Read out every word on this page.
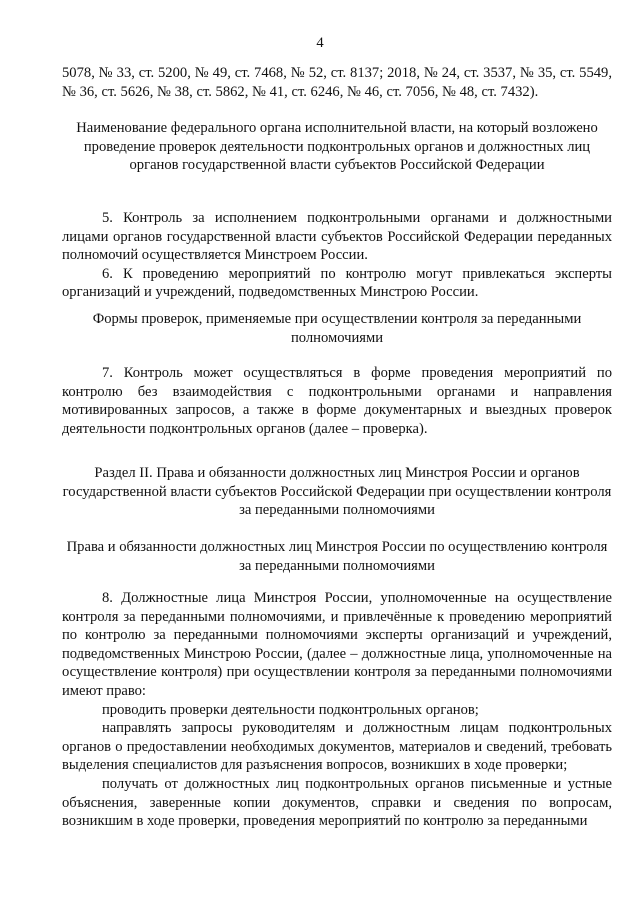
4

5078, № 33, ст. 5200, № 49, ст. 7468, № 52, ст. 8137; 2018, № 24, ст. 3537, № 35, ст. 5549, № 36, ст. 5626, № 38, ст. 5862, № 41, ст. 6246, № 46, ст. 7056, № 48, ст. 7432).

Наименование федерального органа исполнительной власти, на который возложено проведение проверок деятельности подконтрольных органов и должностных лиц органов государственной власти субъектов Российской Федерации

5. Контроль за исполнением подконтрольными органами и должностными лицами органов государственной власти субъектов Российской Федерации переданных полномочий осуществляется Минстроем России.

6. К проведению мероприятий по контролю могут привлекаться эксперты организаций и учреждений, подведомственных Минстрою России.

Формы проверок, применяемые при осуществлении контроля за переданными полномочиями

7. Контроль может осуществляться в форме проведения мероприятий по контролю без взаимодействия с подконтрольными органами и направления мотивированных запросов, а также в форме документарных и выездных проверок деятельности подконтрольных органов (далее – проверка).

Раздел II. Права и обязанности должностных лиц Минстроя России и органов государственной власти субъектов Российской Федерации при осуществлении контроля за переданными полномочиями

Права и обязанности должностных лиц Минстроя России по осуществлению контроля за переданными полномочиями

8. Должностные лица Минстроя России, уполномоченные на осуществление контроля за переданными полномочиями, и привлечённые к проведению мероприятий по контролю за переданными полномочиями эксперты организаций и учреждений, подведомственных Минстрою России, (далее – должностные лица, уполномоченные на осуществление контроля) при осуществлении контроля за переданными полномочиями имеют право:

проводить проверки деятельности подконтрольных органов;

направлять запросы руководителям и должностным лицам подконтрольных органов о предоставлении необходимых документов, материалов и сведений, требовать выделения специалистов для разъяснения вопросов, возникших в ходе проверки;

получать от должностных лиц подконтрольных органов письменные и устные объяснения, заверенные копии документов, справки и сведения по вопросам, возникшим в ходе проверки, проведения мероприятий по контролю за переданными
